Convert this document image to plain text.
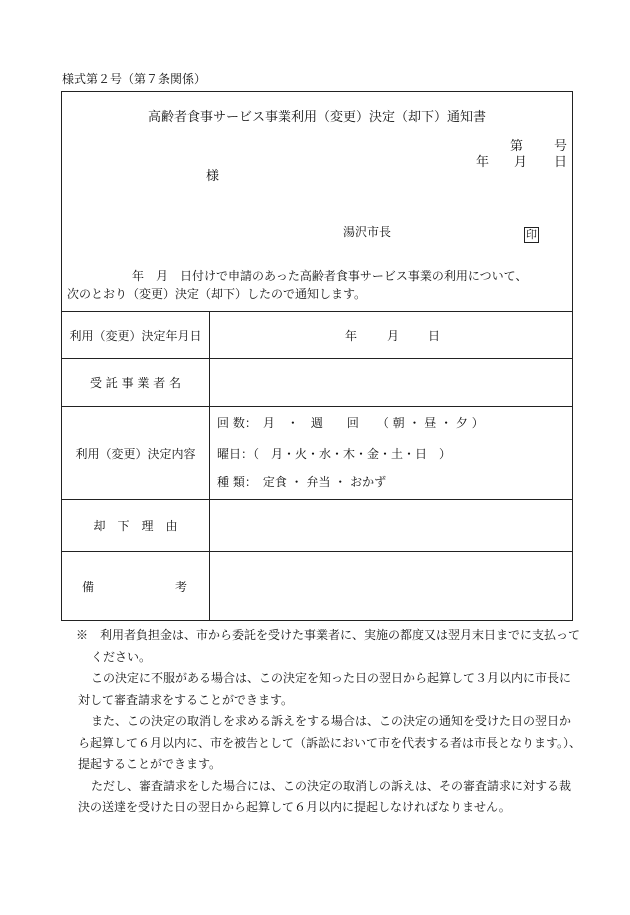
様式第２号（第７条関係）
高齢者食事サービス事業利用（変更）決定（却下）通知書
第 号
年 月 日
様
湯沢市長	印
年　月　日付けで申請のあった高齢者食事サービス事業の利用について、
次のとおり（変更）決定（却下）したので通知します。
利用（変更）決定年月日	年 月 日
受 託 事 業 者 名
利用（変更）決定内容
回 数：　月　・　週　　回　　（ 朝 ・ 昼 ・ 夕 ）
曜日：（　月・火・水・木・金・土・日　）
種 類：　定食 ・ 弁当 ・ おかず
却　下　理　由
備	考
※　利用者負担金は、市から委託を受けた事業者に、実施の都度又は翌月末日までに支払って
ください。
この決定に不服がある場合は、この決定を知った日の翌日から起算して３月以内に市長に
対して審査請求をすることができます。
また、この決定の取消しを求める訴えをする場合は、この決定の通知を受けた日の翌日か
ら起算して６月以内に、市を被告として（訴訟において市を代表する者は市長となります。）、
提起することができます。
ただし、審査請求をした場合には、この決定の取消しの訴えは、その審査請求に対する裁
決の送達を受けた日の翌日から起算して６月以内に提起しなければなりません。
